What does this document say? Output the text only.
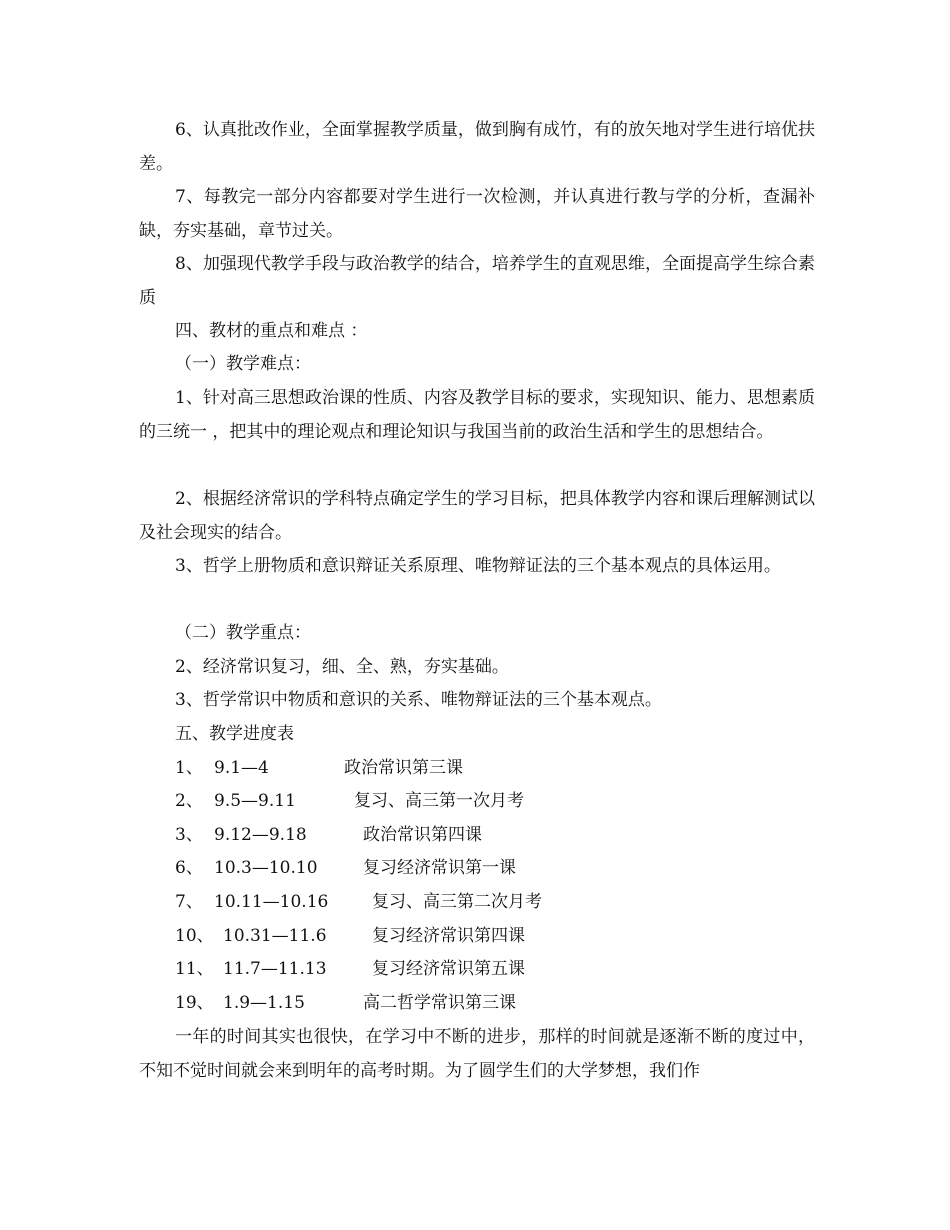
6、认真批改作业，全面掌握教学质量，做到胸有成竹，有的放矢地对学生进行培优扶差。
7、每教完一部分内容都要对学生进行一次检测，并认真进行教与学的分析，查漏补缺，夯实基础，章节过关。
8、加强现代教学手段与政治教学的结合，培养学生的直观思维，全面提高学生综合素质
四、教材的重点和难点 ：
（一）教学难点：
1、针对高三思想政治课的性质、内容及教学目标的要求，实现知识、能力、思想素质的三统一 ，把其中的理论观点和理论知识与我国当前的政治生活和学生的思想结合。
2、根据经济常识的学科特点确定学生的学习目标，把具体教学内容和课后理解测试以及社会现实的结合。
3、哲学上册物质和意识辩证关系原理、唯物辩证法的三个基本观点的具体运用。
（二）教学重点：
2、经济常识复习，细、全、熟，夯实基础。
3、哲学常识中物质和意识的关系、唯物辩证法的三个基本观点。
五、教学进度表
1、 9.1—4	政治常识第三课
2、 9.5—9.11	复习、高三第一次月考
3、 9.12—9.18	政治常识第四课
6、 10.3—10.10	复习经济常识第一课
7、 10.11—10.16	复习、高三第二次月考
10、 10.31—11.6	复习经济常识第四课
11、 11.7—11.13	复习经济常识第五课
19、 1.9—1.15	高二哲学常识第三课
一年的时间其实也很快，在学习中不断的进步，那样的时间就是逐渐不断的度过中，不知不觉时间就会来到明年的高考时期。为了圆学生们的大学梦想，我们作
